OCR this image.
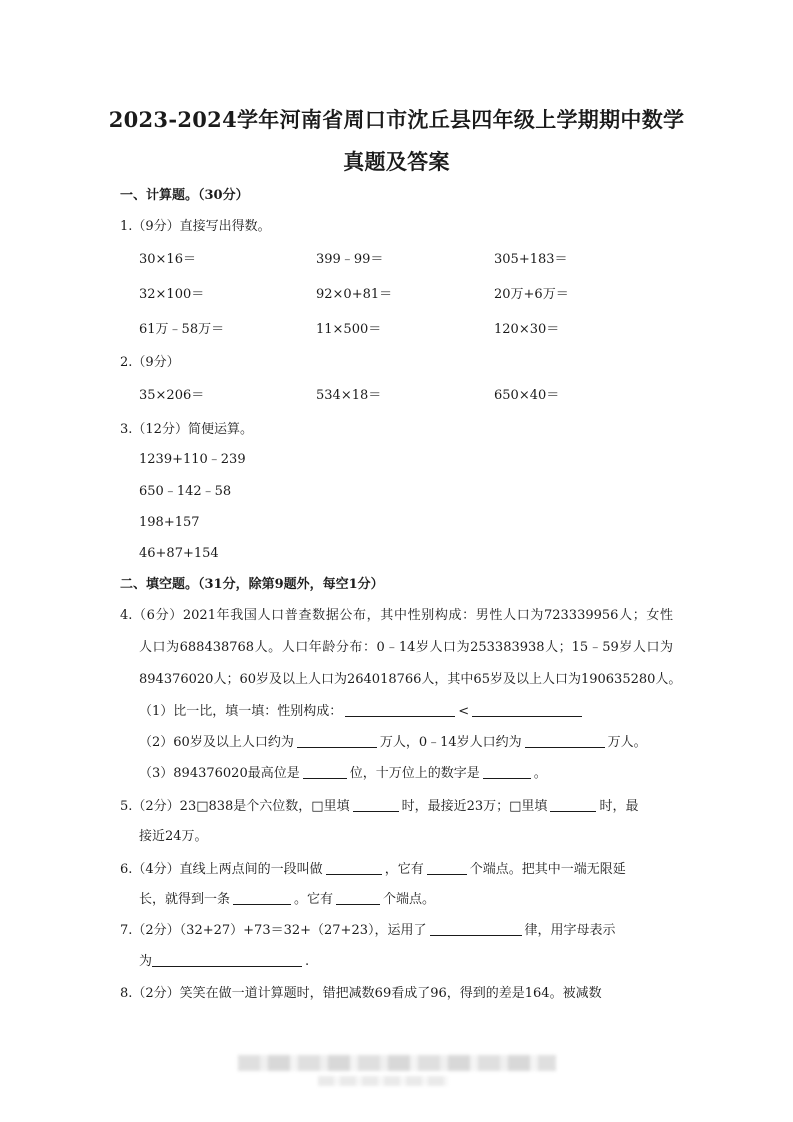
2023-2024学年河南省周口市沈丘县四年级上学期期中数学
真题及答案
一、计算题。（30分）
1.（9分）直接写出得数。
30×16＝	399﹣99＝	305+183＝
32×100＝	92×0+81＝	20万+6万＝
61万﹣58万＝	11×500＝	120×30＝
2.（9分）
35×206＝	534×18＝	650×40＝
3.（12分）简便运算。
1239+110﹣239
650﹣142﹣58
198+157
46+87+154
二、填空题。（31分，除第9题外，每空1分）
4.（6分）2021年我国人口普查数据公布，其中性别构成：男性人口为723339956人；女性
人口为688438768人。人口年龄分布：0﹣14岁人口为253383938人；15﹣59岁人口为
894376020人；60岁及以上人口为264018766人，其中65岁及以上人口为190635280人。
（1）比一比，填一填：性别构成：	<
（2）60岁及以上人口约为	万人，0﹣14岁人口约为	万人。
（3）894376020最高位是	位，十万位上的数字是	。
5.（2分）23□838是个六位数，□里填	时，最接近23万；□里填	时，最
接近24万。
6.（4分）直线上两点间的一段叫做	，它有	个端点。把其中一端无限延
长，就得到一条	。它有	个端点。
7.（2分）（32+27）+73＝32+（27+23），运用了	律，用字母表示
为	.
8.（2分）笑笑在做一道计算题时，错把减数69看成了96，得到的差是164。被减数
